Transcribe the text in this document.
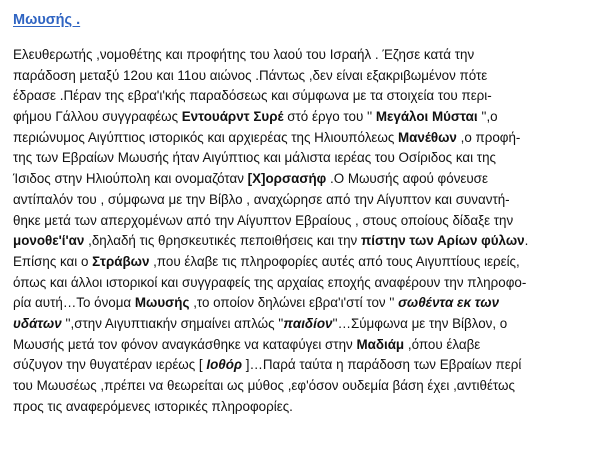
Μωυσής .
Ελευθερωτής ,νομοθέτης και προφήτης του λαού του Ισραήλ . Έζησε κατά την
παράδοση μεταξύ 12ου και 11ου αιώνος .Πάντως ,δεν είναι εξακριβωμένον πότε
έδρασε .Πέραν της εβρα'ι'κής παραδόσεως και σύμφωνα με τα στοιχεία του περι-
φήμου Γάλλου συγγραφέως Εντουάρντ Συρέ στό έργο του '' Μεγάλοι Μύσται '',ο
περιώνυμος Αιγύπτιος ιστορικός και αρχιερέας της Ηλιουπόλεως Μανέθων ,ο προφή-
της των Εβραίων Μωυσής ήταν Αιγύπτιος και μάλιστα ιερέας του Οσίριδος και της
Ίσιδος στην Ηλιούπολη και ονομαζόταν [Χ]ορσασήφ .Ο Μωυσής αφού φόνευσε
αντίπαλόν του , σύμφωνα με την Βίβλο , αναχώρησε από την Αίγυπτον και συναντή-
θηκε μετά των απερχομένων από την Αίγυπτον Εβραίους , στους οποίους δίδαξε την
μονοθε'ί'αν ,δηλαδή τις θρησκευτικές πεποιθήσεις και την πίστην των Αρίων φύλων.
Επίσης και ο Στράβων ,που έλαβε τις πληροφορίες αυτές από τους Αιγυπτίους ιερείς,
όπως και άλλοι ιστορικοί και συγγραφείς της αρχαίας εποχής αναφέρουν την πληροφο-
ρία αυτή…Το όνομα Μωυσής ,το οποίον δηλώνει εβρα'ι'στί τον '' σωθέντα εκ των
υδάτων '',στην Αιγυπτιακήν σημαίνει απλώς ''παιδίον''…Σύμφωνα με την Βίβλον, ο
Μωυσής μετά τον φόνον αναγκάσθηκε να καταφύγει στην Μαδιάμ ,όπου έλαβε
σύζυγον την θυγατέραν ιερέως [ Ιοθόρ ]…Παρά ταύτα η παράδοση των Εβραίων περί
του Μωυσέως ,πρέπει να θεωρείται ως μύθος ,εφ'όσον ουδεμία βάση έχει ,αντιθέτως
προς τις αναφερόμενες ιστορικές πληροφορίες.
